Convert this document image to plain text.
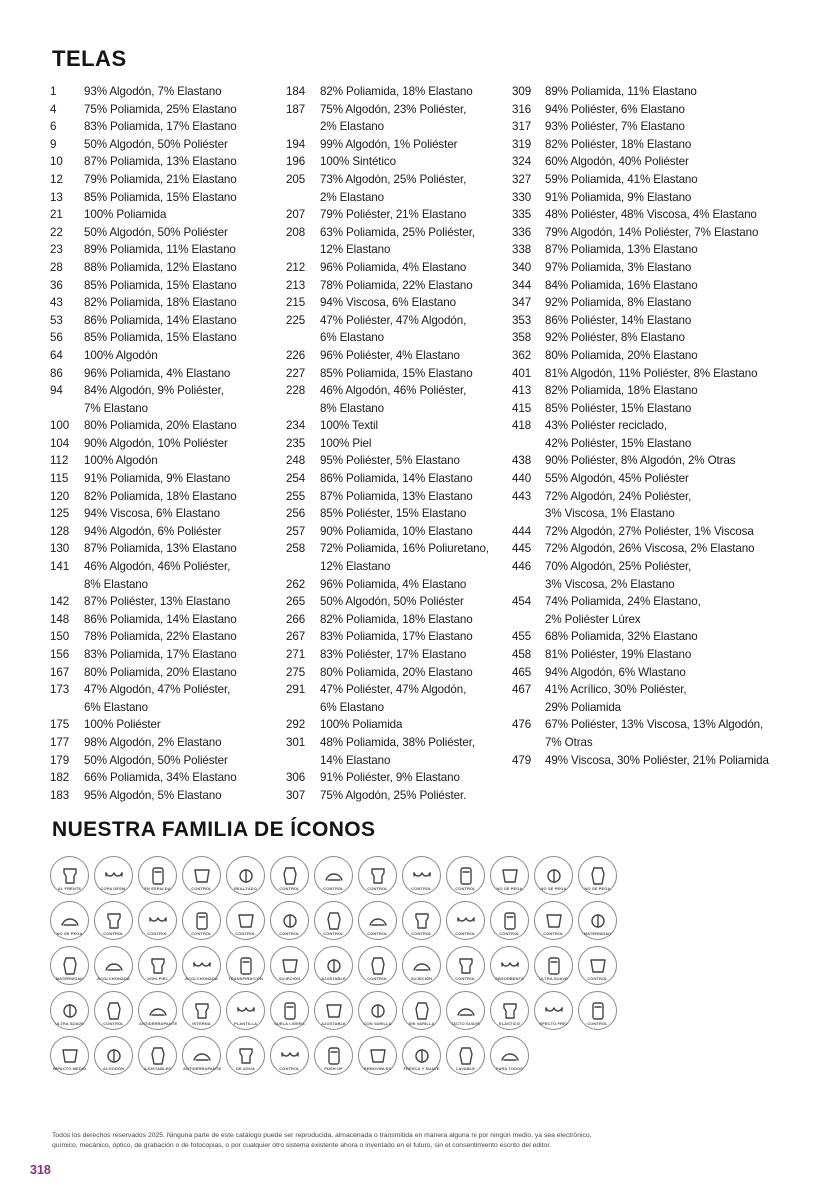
TELAS
1	93% Algodón, 7% Elastano
4	75% Poliamida, 25% Elastano
6	83% Poliamida, 17% Elastano
9	50% Algodón, 50% Poliéster
10	87% Poliamida, 13% Elastano
12	79% Poliamida, 21% Elastano
13	85% Poliamida, 15% Elastano
21	100% Poliamida
22	50% Algodón, 50% Poliéster
23	89% Poliamida, 11% Elastano
28	88% Poliamida, 12% Elastano
36	85% Poliamida, 15% Elastano
43	82% Poliamida, 18% Elastano
53	86% Poliamida, 14% Elastano
56	85% Poliamida, 15% Elastano
64	100% Algodón
86	96% Poliamida, 4% Elastano
94	84% Algodón, 9% Poliéster,
7% Elastano
100	80% Poliamida, 20% Elastano
104	90% Algodón, 10% Poliéster
112	100% Algodón
115	91% Poliamida, 9% Elastano
120	82% Poliamida, 18% Elastano
125	94% Viscosa, 6% Elastano
128	94% Algodón, 6% Poliéster
130	87% Poliamida, 13% Elastano
141	46% Algodón, 46% Poliéster,
8% Elastano
142	87% Poliéster, 13% Elastano
148	86% Poliamida, 14% Elastano
150	78% Poliamida, 22% Elastano
156	83% Poliamida, 17% Elastano
167	80% Poliamida, 20% Elastano
173	47% Algodón, 47% Poliéster,
6% Elastano
175	100% Poliéster
177	98% Algodón, 2% Elastano
179	50% Algodón, 50% Poliéster
182	66% Poliamida, 34% Elastano
183	95% Algodón, 5% Elastano
184	82% Poliamida, 18% Elastano
187	75% Algodón, 23% Poliéster,
2% Elastano
194	99% Algodón, 1% Poliéster
196	100% Sintético
205	73% Algodón, 25% Poliéster,
2% Elastano
207	79% Poliéster, 21% Elastano
208	63% Poliamida, 25% Poliéster,
12% Elastano
212	96% Poliamida, 4% Elastano
213	78% Poliamida, 22% Elastano
215	94% Viscosa, 6% Elastano
225	47% Poliéster, 47% Algodón,
6% Elastano
226	96% Poliéster, 4% Elastano
227	85% Poliamida, 15% Elastano
228	46% Algodón, 46% Poliéster,
8% Elastano
234	100% Textil
235	100% Piel
248	95% Poliéster, 5% Elastano
254	86% Poliamida, 14% Elastano
255	87% Poliamida, 13% Elastano
256	85% Poliéster, 15% Elastano
257	90% Poliamida, 10% Elastano
258	72% Poliamida, 16% Poliuretano,
12% Elastano
262	96% Poliamida, 4% Elastano
265	50% Algodón, 50% Poliéster
266	82% Poliamida, 18% Elastano
267	83% Poliamida, 17% Elastano
271	83% Poliéster, 17% Elastano
275	80% Poliamida, 20% Elastano
291	47% Poliéster, 47% Algodón,
6% Elastano
292	100% Poliamida
301	48% Poliamida, 38% Poliéster,
14% Elastano
306	91% Poliéster, 9% Elastano
307	75% Algodón, 25% Poliéster.
309	89% Poliamida, 11% Elastano
316	94% Poliéster, 6% Elastano
317	93% Poliéster, 7% Elastano
319	82% Poliéster, 18% Elastano
324	60% Algodón, 40% Poliéster
327	59% Poliamida, 41% Elastano
330	91% Poliamida, 9% Elastano
335	48% Poliéster, 48% Viscosa, 4% Elastano
336	79% Algodón, 14% Poliéster, 7% Elastano
338	87% Poliamida, 13% Elastano
340	97% Poliamida, 3% Elastano
344	84% Poliamida, 16% Elastano
347	92% Poliamida, 8% Elastano
353	86% Poliéster, 14% Elastano
358	92% Poliéster, 8% Elastano
362	80% Poliamida, 20% Elastano
401	81% Algodón, 11% Poliéster, 8% Elastano
413	82% Poliamida, 18% Elastano
415	85% Poliéster, 15% Elastano
418	43% Poliéster reciclado,
42% Poliéster, 15% Elastano
438	90% Poliéster, 8% Algodón, 2% Otras
440	55% Algodón, 45% Poliéster
443	72% Algodón, 24% Poliéster,
3% Viscosa, 1% Elastano
444	72% Algodón, 27% Poliéster, 1% Viscosa
445	72% Algodón, 26% Viscosa, 2% Elastano
446	70% Algodón, 25% Poliéster,
3% Viscosa, 2% Elastano
454	74% Poliamida, 24% Elastano,
2% Poliéster Lúrex
455	68% Poliamida, 32% Elastano
458	81% Poliéster, 19% Elastano
465	94% Algodón, 6% Wlastano
467	41% Acrílico, 30% Poliéster,
29% Poliamida
476	67% Poliéster, 13% Viscosa, 13% Algodón,
7% Otras
479	49% Viscosa, 30% Poliéster, 21% Poliamida
NUESTRA FAMILIA DE ÍCONOS
AL FRENTE	COPA DESM.	EN ESPALDA	CONTROL	REALZADO	CONTROL	CONTROL	CONTROL	CONTROL	CONTROL	NO SE PEGA	NO SE PEGA	NO SE PEGA
NO SE PEGA	CONTROL	CONTROL	CONTROL	CONTROL	CONTROL	CONTROL	CONTROL	CONTROL	CONTROL	CONTROL	CONTROL	MATERNIDAD
MATERNIDAD	ACOLCHONADA	100% PIEL	ACOLCHONADA	TRANSPIRACIÓN	SUJECIÓN	AJUSTABLE	CONTROL	SUJECIÓN	CONTROL	ABSORBENTE	ULTRA SUAVE	CONTROL
ULTRA SUAVE	CONTROL	ANTIDERRAPANTE	INTERNA	PLANTILLA	SUELA LIGERA	AJUSTABLE	CON VARILLA	SIN VARILLA	TACTO SUAVE	ELÁSTICO	EFECTO FRÍO	CONTROL
IMPACTO MEDIO	ALGODÓN	AJUSTABLES	ANTIDERRAPANTE	DE AGUA	CONTROL	PUSH UP	REMOVIBLES	FRESCA Y SUAVE	LAVABLE	PARA TODOS
Todos los derechos reservados 2025. Ninguna parte de este catálogo puede ser reproducida, almacenada o transmitida en manera alguna ni por ningún medio, ya sea electrónico,
químico, mecánico, óptico, de grabación o de fotocopias, o por cualquier otro sistema existente ahora o inventado en el futuro, sin el consentimiento escrito del editor.
318
